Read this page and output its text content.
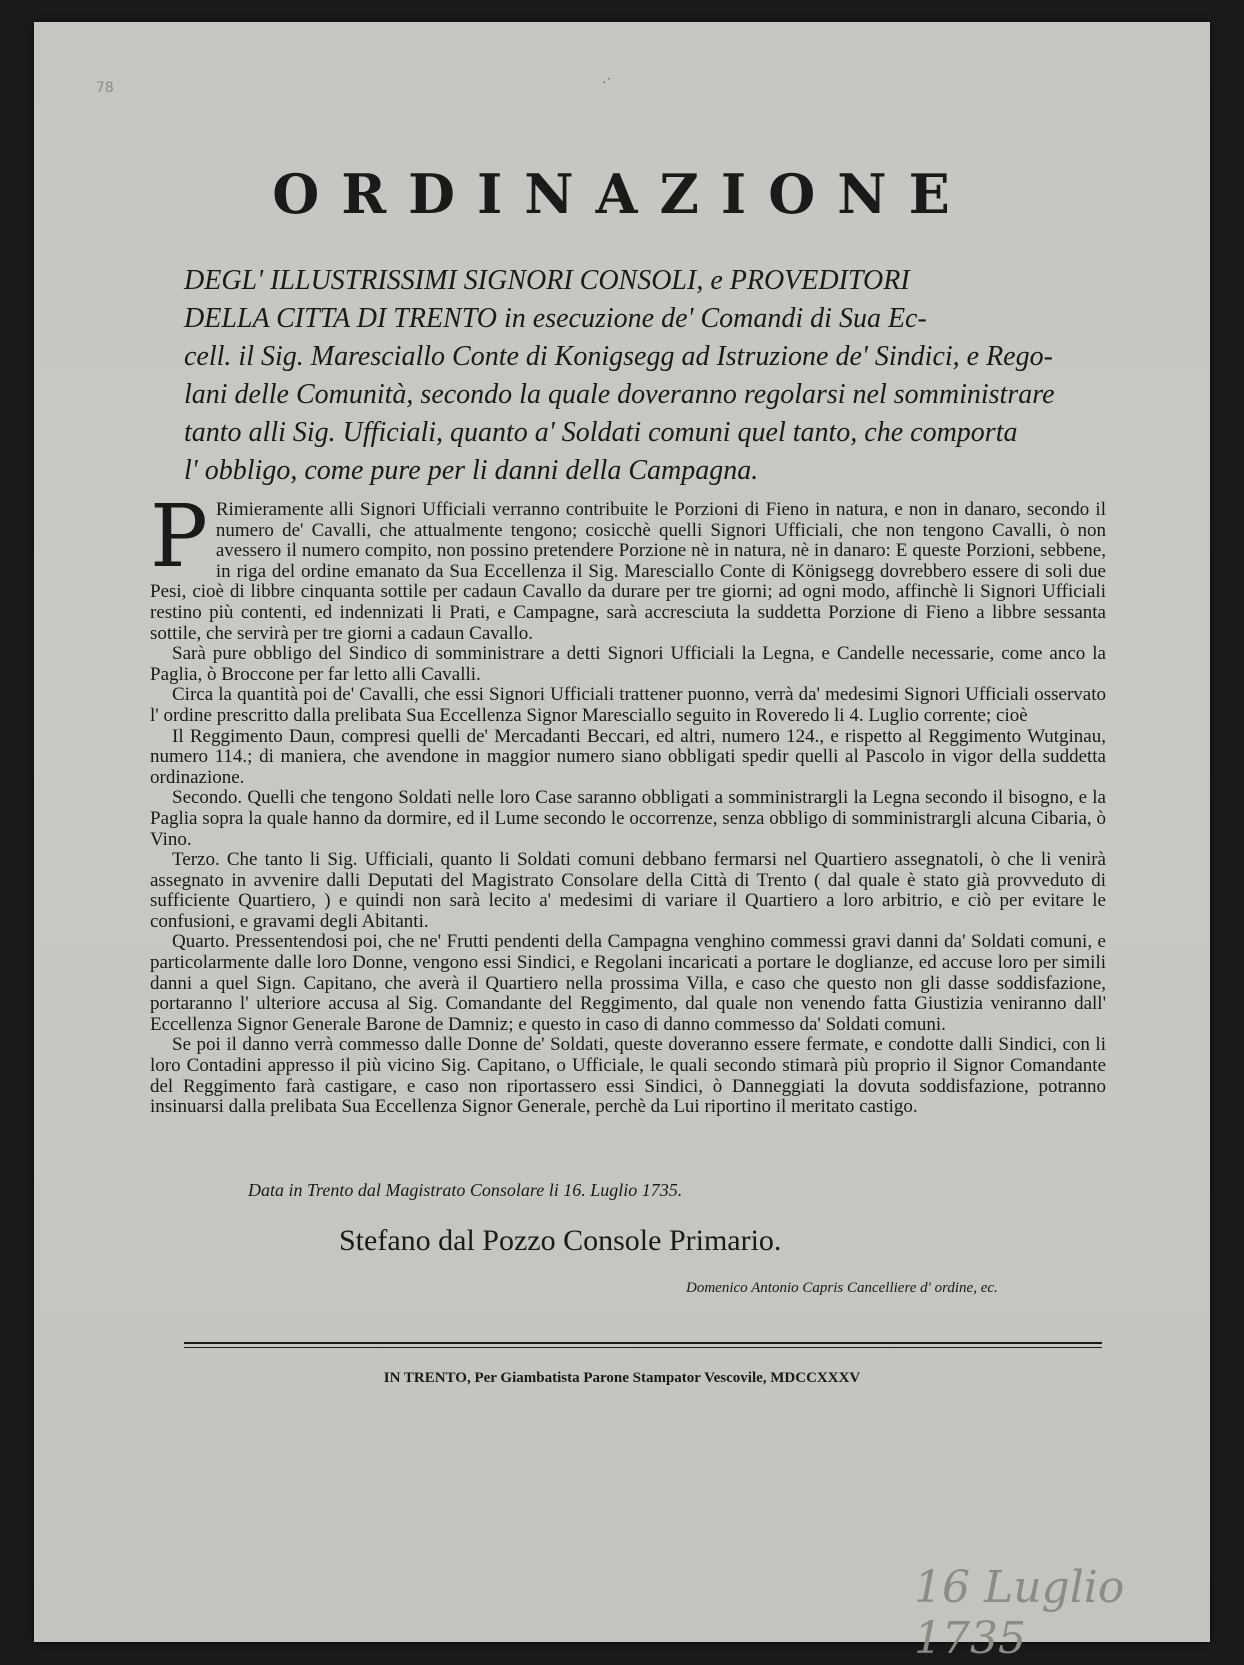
78	·˙
ORDINAZIONE
DEGL' ILLUSTRISSIMI SIGNORI CONSOLI, e PROVEDITORI
DELLA CITTA DI TRENTO in esecuzione de' Comandi di Sua Ec-
cell. il Sig. Maresciallo Conte di Konigsegg ad Istruzione de' Sindici, e Rego-
lani delle Comunità, secondo la quale doveranno regolarsi nel somministrare
tanto alli Sig. Ufficiali, quanto a' Soldati comuni quel tanto, che comporta
l' obbligo, come pure per li danni della Campagna.

P Rimieramente alli Signori Ufficiali verranno contribuite le Porzioni di Fieno in natura, e non in danaro, secondo il numero de' Cavalli, che attualmente tengono; cosicchè quelli Signori Ufficiali, che non tengono Cavalli, ò non avessero il numero compito, non possino pretendere Porzione nè in natura, nè in danaro: E queste Porzioni, sebbene, in riga del ordine emanato da Sua Eccellenza il Sig. Maresciallo Conte di Königsegg dovrebbero essere di soli due Pesi, cioè di libbre cinquanta sottile per cadaun Cavallo da durare per tre giorni; ad ogni modo, affinchè li Signori Ufficiali restino più contenti, ed indennizati li Prati, e Campagne, sarà accresciuta la suddetta Porzione di Fieno a libbre sessanta sottile, che servirà per tre giorni a cadaun Cavallo.

Sarà pure obbligo del Sindico di somministrare a detti Signori Ufficiali la Legna, e Candelle necessarie, come anco la Paglia, ò Broccone per far letto alli Cavalli.

Circa la quantità poi de' Cavalli, che essi Signori Ufficiali trattener puonno, verrà da' medesimi Signori Ufficiali osservato l' ordine prescritto dalla prelibata Sua Eccellenza Signor Maresciallo seguito in Roveredo li 4. Luglio corrente; cioè

Il Reggimento Daun, compresi quelli de' Mercadanti Beccari, ed altri, numero 124., e rispetto al Reggimento Wutginau, numero 114.; di maniera, che avendone in maggior numero siano obbligati spedir quelli al Pascolo in vigor della suddetta ordinazione.

Secondo. Quelli che tengono Soldati nelle loro Case saranno obbligati a somministrargli la Legna secondo il bisogno, e la Paglia sopra la quale hanno da dormire, ed il Lume secondo le occorrenze, senza obbligo di somministrargli alcuna Cibaria, ò Vino.

Terzo. Che tanto li Sig. Ufficiali, quanto li Soldati comuni debbano fermarsi nel Quartiero assegnatoli, ò che li venirà assegnato in avvenire dalli Deputati del Magistrato Consolare della Città di Trento ( dal quale è stato già provveduto di sufficiente Quartiero, ) e quindi non sarà lecito a' medesimi di variare il Quartiero a loro arbitrio, e ciò per evitare le confusioni, e gravami degli Abitanti.

Quarto. Pressentendosi poi, che ne' Frutti pendenti della Campagna venghino commessi gravi danni da' Soldati comuni, e particolarmente dalle loro Donne, vengono essi Sindici, e Regolani incaricati a portare le doglianze, ed accuse loro per simili danni a quel Sign. Capitano, che averà il Quartiero nella prossima Villa, e caso che questo non gli dasse soddisfazione, portaranno l' ulteriore accusa al Sig. Comandante del Reggimento, dal quale non venendo fatta Giustizia veniranno dall' Eccellenza Signor Generale Barone de Damniz; e questo in caso di danno commesso da' Soldati comuni.

Se poi il danno verrà commesso dalle Donne de' Soldati, queste doveranno essere fermate, e condotte dalli Sindici, con li loro Contadini appresso il più vicino Sig. Capitano, o Ufficiale, le quali secondo stimarà più proprio il Signor Comandante del Reggimento farà castigare, e caso non riportassero essi Sindici, ò Danneggiati la dovuta soddisfazione, potranno insinuarsi dalla prelibata Sua Eccellenza Signor Generale, perchè da Lui riportino il meritato castigo.

Data in Trento dal Magistrato Consolare li 16. Luglio 1735.
Stefano dal Pozzo Console Primario.
Domenico Antonio Capris Cancelliere d' ordine, ec.
IN TRENTO, Per Giambatista Parone Stampator Vescovile, MDCCXXXV
16 Luglio 1735
